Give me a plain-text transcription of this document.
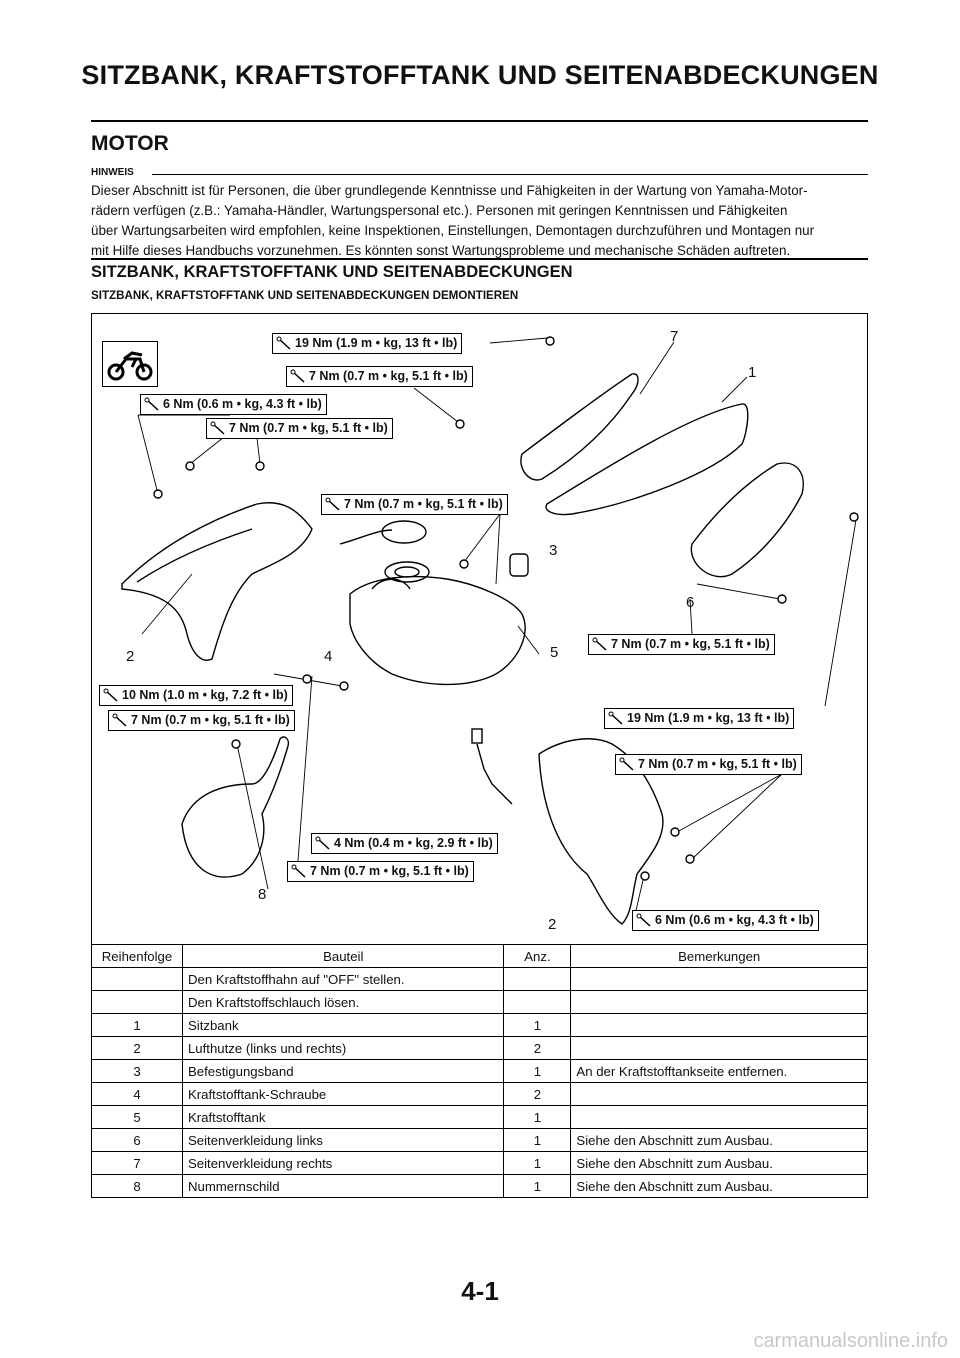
SITZBANK, KRAFTSTOFFTANK UND SEITENABDECKUNGEN
MOTOR
HINWEIS
Dieser Abschnitt ist für Personen, die über grundlegende Kenntnisse und Fähigkeiten in der Wartung von Yamaha-Motor-
rädern verfügen (z.B.: Yamaha-Händler, Wartungspersonal etc.). Personen mit geringen Kenntnissen und Fähigkeiten
über Wartungsarbeiten wird empfohlen, keine Inspektionen, Einstellungen, Demontagen durchzuführen und Montagen nur
mit Hilfe dieses Handbuchs vorzunehmen. Es könnten sonst Wartungsprobleme und mechanische Schäden auftreten.
SITZBANK, KRAFTSTOFFTANK UND SEITENABDECKUNGEN
SITZBANK, KRAFTSTOFFTANK UND SEITENABDECKUNGEN DEMONTIEREN
19 Nm (1.9 m • kg, 13 ft • lb)
7 Nm (0.7 m • kg, 5.1 ft • lb)
6 Nm (0.6 m • kg, 4.3 ft • lb)
7 Nm (0.7 m • kg, 5.1 ft • lb)
7 Nm (0.7 m • kg, 5.1 ft • lb)
7 Nm (0.7 m • kg, 5.1 ft • lb)
10 Nm (1.0 m • kg, 7.2 ft • lb)
7 Nm (0.7 m • kg, 5.1 ft • lb)	19 Nm (1.9 m • kg, 13 ft • lb)
7 Nm (0.7 m • kg, 5.1 ft • lb)
4 Nm (0.4 m • kg, 2.9 ft • lb)
7 Nm (0.7 m • kg, 5.1 ft • lb)
6 Nm (0.6 m • kg, 4.3 ft • lb)
7
1
3
6
5
2	4
8
2
Reihenfolge	Bauteil	Anz.	Bemerkungen
	Den Kraftstoffhahn auf "OFF" stellen.		
	Den Kraftstoffschlauch lösen.		
1	Sitzbank	1	
2	Lufthutze (links und rechts)	2	
3	Befestigungsband	1	An der Kraftstofftankseite entfernen.
4	Kraftstofftank-Schraube	2	
5	Kraftstofftank	1	
6	Seitenverkleidung links	1	Siehe den Abschnitt zum Ausbau.
7	Seitenverkleidung rechts	1	Siehe den Abschnitt zum Ausbau.
8	Nummernschild	1	Siehe den Abschnitt zum Ausbau.
4-1
carmanualsonline.info
